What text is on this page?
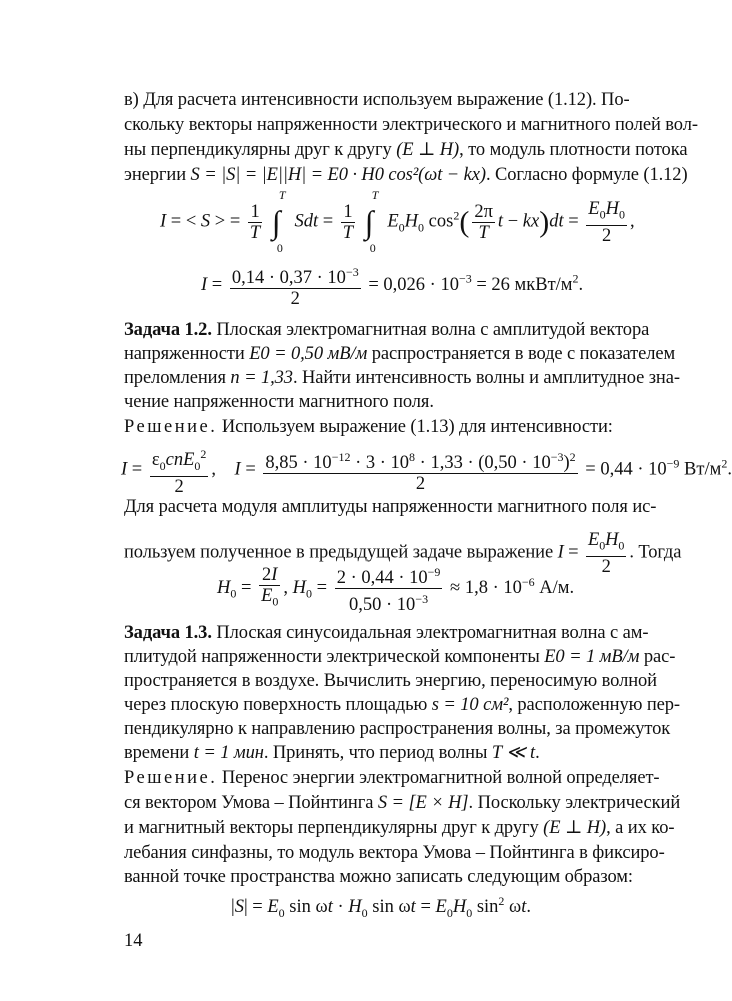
в) Для расчета интенсивности используем выражение (1.12). По-
скольку векторы напряженности электрического и магнитного полей вол-
ны перпендикулярны друг к другу (E ⊥ H), то модуль плотности потока
энергии S = |S| = |E||H| = E0 · H0 cos²(ωt − kx). Согласно формуле (1.12)
I = < S > = $\frac{1}{T}$
∫
T
0
Sdt = $\frac{1}{T}$
∫
T
0
$E_0H_0$ $\cos^2( \frac{2\pi}{T}$ $t - kx)dt = \frac{E_0H_0}{2}$ ,
$I = \frac{0,14 \cdot 0,37 \cdot 10^{-3}}{2} = 0,026 \cdot 10^{-3} = 26$ мкВт/$м^2$.
Задача 1.2. Плоская электромагнитная волна с амплитудой вектора
напряженности E0 = 0,50 мВ/м распространяется в воде с показателем
преломления n = 1,33. Найти интенсивность волны и амплитудное зна-
чение напряженности магнитного поля.
Решение. Используем выражение (1.13) для интенсивности:
$I = \frac{\varepsilon_0cnE_0^2}{2}$ ,    $I = \frac{8,85 \cdot 10^{-12} \cdot 3 \cdot 10^8 \cdot 1,33 \cdot (0,50 \cdot 10^{-3})^2}{2} = 0,44 \cdot 10^{-9}$ $Вт/м^2$.
Для расчета модуля амплитуды напряженности магнитного поля ис-
пользуем полученное в предыдущей задаче выражение $I = \frac{E_0H_0}{2}$ . Тогда
$H_0 = \frac{2I}{E_0}$ , $H_0 = \frac{2 \cdot 0,44 \cdot 10^{-9}}{0,50 \cdot 10^{-3}} \approx 1,8 \cdot 10^{-6}$ А/м.
Задача 1.3. Плоская синусоидальная электромагнитная волна с ам-
плитудой напряженности электрической компоненты E0 = 1 мВ/м рас-
пространяется в воздухе. Вычислить энергию, переносимую волной
через плоскую поверхность площадью s = 10 см², расположенную пер-
пендикулярно к направлению распространения волны, за промежуток
времени t = 1 мин. Принять, что период волны T ≪ t.
Решение. Перенос энергии электромагнитной волной определяет-
ся вектором Умова – Пойнтинга S = [E × H]. Поскольку электрический
и магнитный векторы перпендикулярны друг к другу (E ⊥ H), а их ко-
лебания синфазны, то модуль вектора Умова – Пойнтинга в фиксиро-
ванной точке пространства можно записать следующим образом:
$|S| = E_0$ $\sin \omega t \cdot H_0$ $\sin \omega t = E_0H_0$ $\sin^2 \omega t$.
14
